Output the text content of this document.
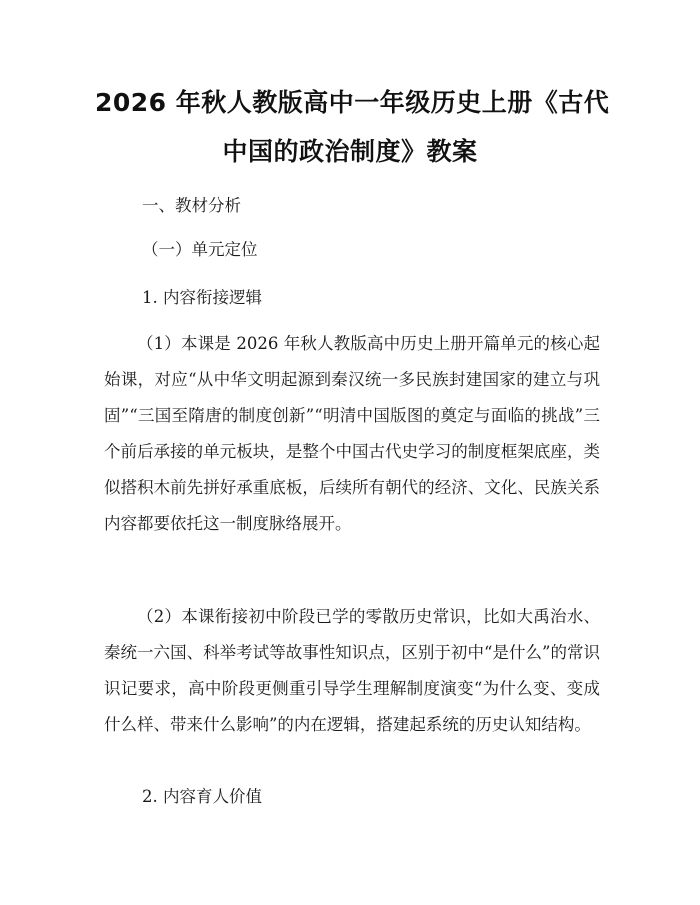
2026 年秋人教版高中一年级历史上册《古代
中国的政治制度》教案
一、教材分析
（一）单元定位
1. 内容衔接逻辑
（1）本课是 2026 年秋人教版高中历史上册开篇单元的核心起始课，对应“从中华文明起源到秦汉统一多民族封建国家的建立与巩固”“三国至隋唐的制度创新”“明清中国版图的奠定与面临的挑战”三个前后承接的单元板块，是整个中国古代史学习的制度框架底座，类似搭积木前先拼好承重底板，后续所有朝代的经济、文化、民族关系内容都要依托这一制度脉络展开。
（2）本课衔接初中阶段已学的零散历史常识，比如大禹治水、秦统一六国、科举考试等故事性知识点，区别于初中“是什么”的常识识记要求，高中阶段更侧重引导学生理解制度演变“为什么变、变成什么样、带来什么影响”的内在逻辑，搭建起系统的历史认知结构。
2. 内容育人价值
